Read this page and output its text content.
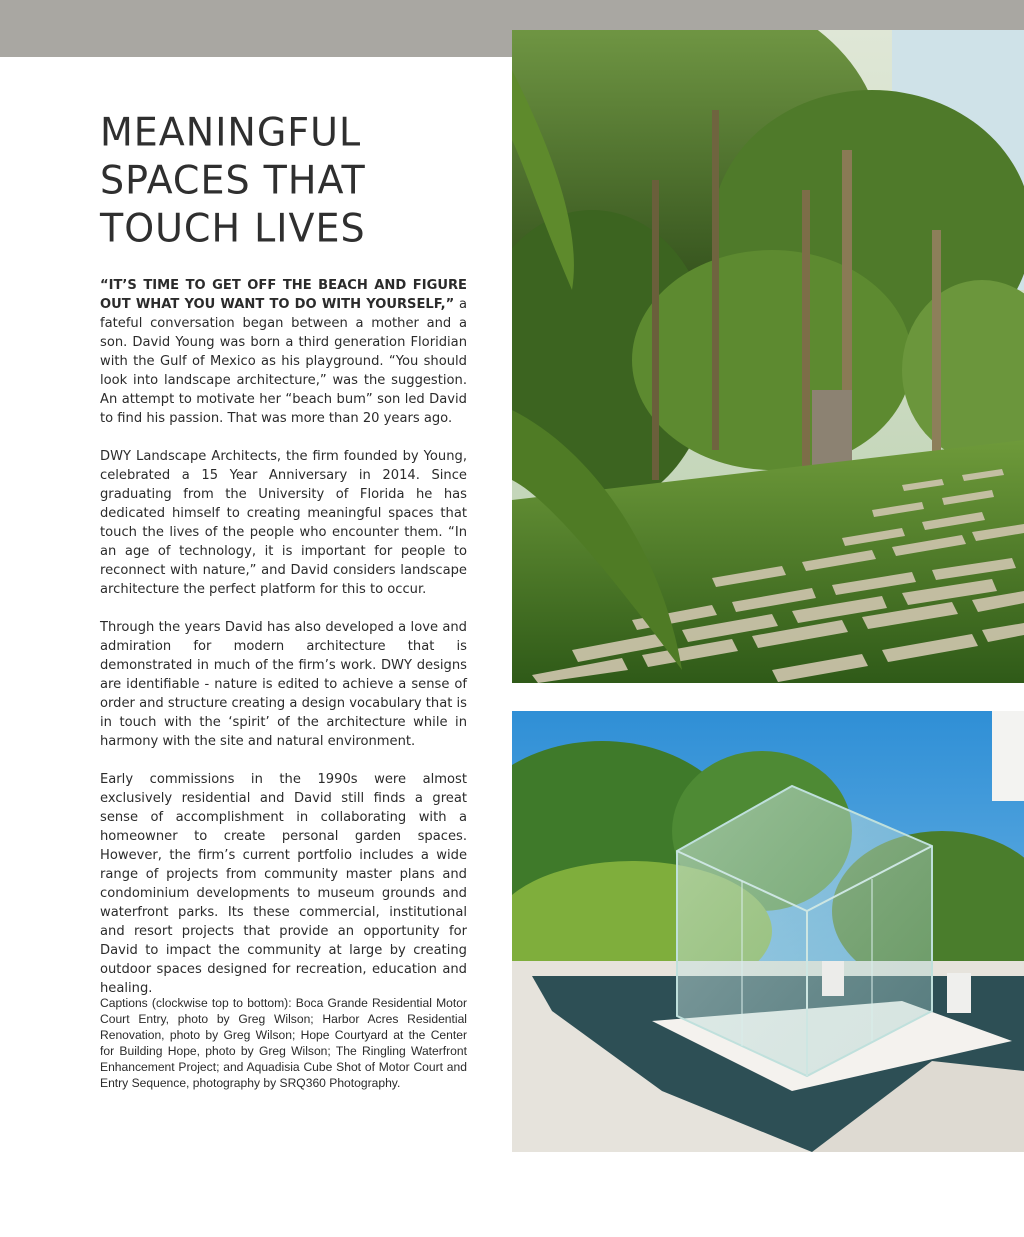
MEANINGFUL
SPACES THAT
TOUCH LIVES

“IT’S TIME TO GET OFF THE BEACH AND FIGURE OUT WHAT YOU WANT TO DO WITH YOURSELF,” a fateful conversation began between a mother and a son. David Young was born a third generation Floridian with the Gulf of Mexico as his playground. “You should look into landscape architecture,” was the suggestion. An attempt to motivate her “beach bum” son led David to find his passion. That was more than 20 years ago.

DWY Landscape Architects, the firm founded by Young, celebrated a 15 Year Anniversary in 2014. Since graduating from the University of Florida he has dedicated himself to creating meaningful spaces that touch the lives of the people who encounter them. “In an age of technology, it is important for people to reconnect with nature,” and David considers landscape architecture the perfect platform for this to occur.

Through the years David has also developed a love and admiration for modern architecture that is demonstrated in much of the firm’s work. DWY designs are identifiable - nature is edited to achieve a sense of order and structure creating a design vocabulary that is in touch with the ‘spirit’ of the architecture while in harmony with the site and natural environment.

Early commissions in the 1990s were almost exclusively residential and David still finds a great sense of accomplishment in collaborating with a homeowner to create personal garden spaces. However, the firm’s current portfolio includes a wide range of projects from community master plans and condominium developments to museum grounds and waterfront parks. Its these commercial, institutional and resort projects that provide an opportunity for David to impact the community at large by creating outdoor spaces designed for recreation, education and healing.

Captions (clockwise top to bottom): Boca Grande Residential Motor Court Entry, photo by Greg Wilson; Harbor Acres Residential Renovation, photo by Greg Wilson; Hope Courtyard at the Center for Building Hope, photo by Greg Wilson; The Ringling Waterfront Enhancement Project; and Aquadisia Cube Shot of Motor Court and Entry Sequence, photography by SRQ360 Photography.
